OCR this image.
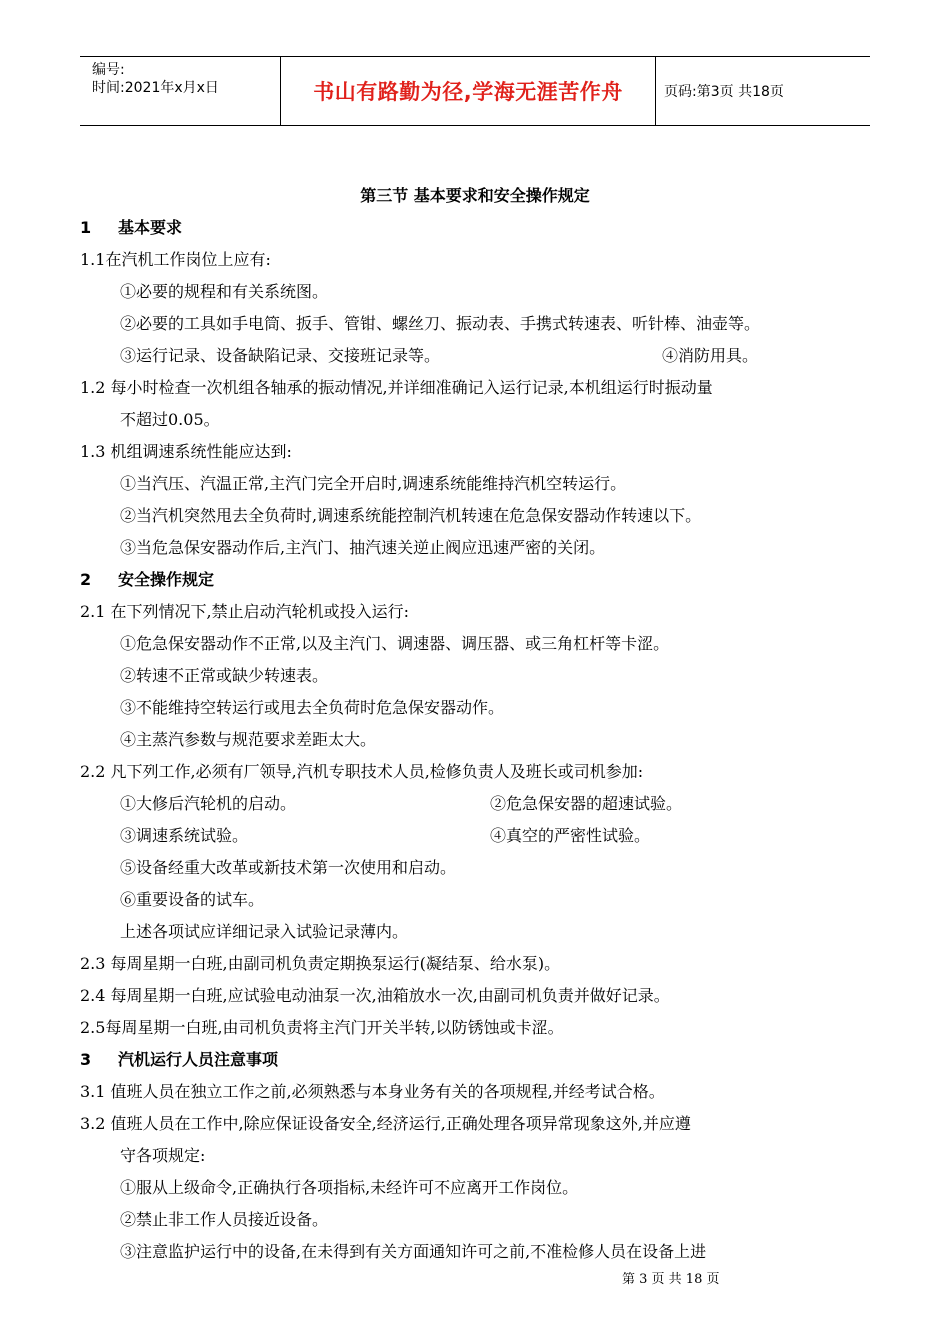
编号:
时间:2021年x月x日	书山有路勤为径,学海无涯苦作舟	页码:第3页 共18页
第三节 基本要求和安全操作规定
1 基本要求
1.1在汽机工作岗位上应有:
①必要的规程和有关系统图。
②必要的工具如手电筒、扳手、管钳、螺丝刀、振动表、手携式转速表、听针棒、油壶等。
③运行记录、设备缺陷记录、交接班记录等。	④消防用具。
1.2 每小时检查一次机组各轴承的振动情况,并详细准确记入运行记录,本机组运行时振动量
不超过0.05。
1.3 机组调速系统性能应达到:
①当汽压、汽温正常,主汽门完全开启时,调速系统能维持汽机空转运行。
②当汽机突然甩去全负荷时,调速系统能控制汽机转速在危急保安器动作转速以下。
③当危急保安器动作后,主汽门、抽汽速关逆止阀应迅速严密的关闭。
2 安全操作规定
2.1 在下列情况下,禁止启动汽轮机或投入运行:
①危急保安器动作不正常,以及主汽门、调速器、调压器、或三角杠杆等卡涩。
②转速不正常或缺少转速表。
③不能维持空转运行或甩去全负荷时危急保安器动作。
④主蒸汽参数与规范要求差距太大。
2.2 凡下列工作,必须有厂领导,汽机专职技术人员,检修负责人及班长或司机参加:
①大修后汽轮机的启动。	②危急保安器的超速试验。
③调速系统试验。	④真空的严密性试验。
⑤设备经重大改革或新技术第一次使用和启动。
⑥重要设备的试车。
上述各项试应详细记录入试验记录薄内。
2.3 每周星期一白班,由副司机负责定期换泵运行(凝结泵、给水泵)。
2.4 每周星期一白班,应试验电动油泵一次,油箱放水一次,由副司机负责并做好记录。
2.5每周星期一白班,由司机负责将主汽门开关半转,以防锈蚀或卡涩。
3 汽机运行人员注意事项
3.1 值班人员在独立工作之前,必须熟悉与本身业务有关的各项规程,并经考试合格。
3.2 值班人员在工作中,除应保证设备安全,经济运行,正确处理各项异常现象这外,并应遵
守各项规定:
①服从上级命令,正确执行各项指标,未经许可不应离开工作岗位。
②禁止非工作人员接近设备。
③注意监护运行中的设备,在未得到有关方面通知许可之前,不准检修人员在设备上进
第 3 页 共 18 页
